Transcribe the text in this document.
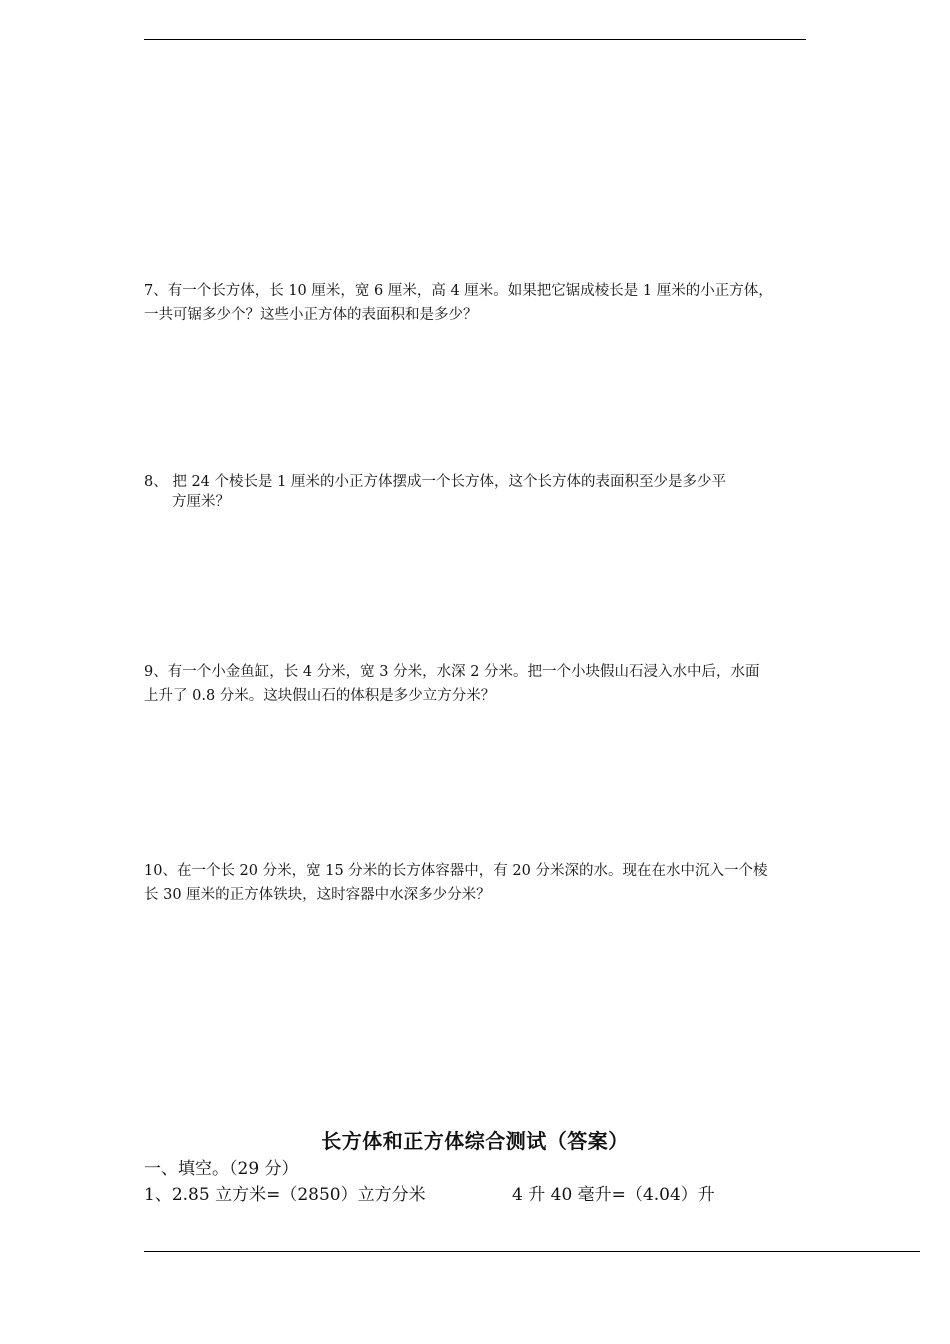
7、有一个长方体，长 10 厘米，宽 6 厘米，高 4 厘米。如果把它锯成棱长是 1 厘米的小正方体，

一共可锯多少个？这些小正方体的表面积和是多少？

8、 把 24 个棱长是 1 厘米的小正方体摆成一个长方体，这个长方体的表面积至少是多少平

方厘米？

9、有一个小金鱼缸，长 4 分米，宽 3 分米，水深 2 分米。把一个小块假山石浸入水中后，水面

上升了 0.8 分米。这块假山石的体积是多少立方分米？

10、在一个长 20 分米，宽 15 分米的长方体容器中，有 20 分米深的水。现在在水中沉入一个棱

长 30 厘米的正方体铁块，这时容器中水深多少分米？

长方体和正方体综合测试（答案）
一、填空。（29 分）
1、2.85 立方米=（2850）立方分米	4 升 40 毫升=（4.04）升
